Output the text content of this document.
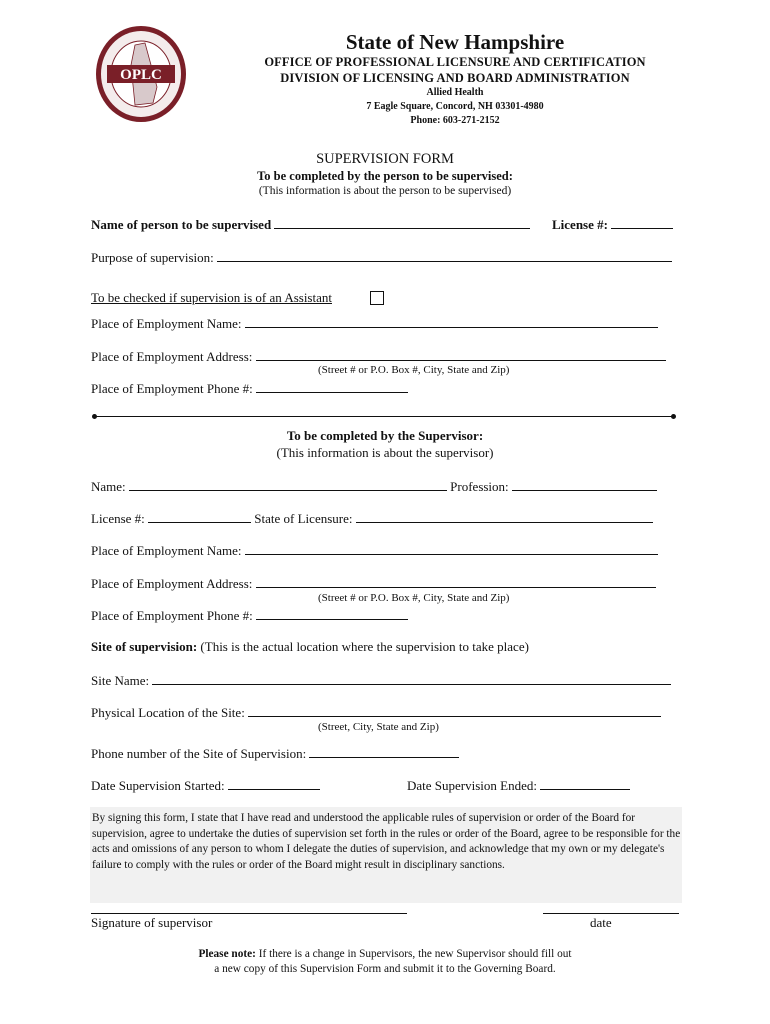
OPLC
State of New Hampshire
OFFICE OF PROFESSIONAL LICENSURE AND CERTIFICATION
DIVISION OF LICENSING AND BOARD ADMINISTRATION
Allied Health
7 Eagle Square, Concord, NH 03301-4980
Phone: 603-271-2152
SUPERVISION FORM
To be completed by the person to be supervised:
(This information is about the person to be supervised)
Name of person to be supervised	License #:
Purpose of supervision:
To be checked if supervision is of an Assistant
Place of Employment Name:
Place of Employment Address:
(Street # or P.O. Box #, City, State and Zip)
Place of Employment Phone #:
To be completed by the Supervisor:
(This information is about the supervisor)
Name:	Profession:
License #:	State of Licensure:
Place of Employment Name:
Place of Employment Address:
(Street # or P.O. Box #, City, State and Zip)
Place of Employment Phone #:
Site of supervision: (This is the actual location where the supervision to take place)
Site Name:
Physical Location of the Site:
(Street, City, State and Zip)
Phone number of the Site of Supervision:
Date Supervision Started:	Date Supervision Ended:
By signing this form, I state that I have read and understood the applicable rules of supervision or order of the Board for supervision, agree to undertake the duties of supervision set forth in the rules or order of the Board, agree to be responsible for the acts and omissions of any person to whom I delegate the duties of supervision, and acknowledge that my own or my delegate's failure to comply with the rules or order of the Board might result in disciplinary sanctions.
Signature of supervisor	date
Please note: If there is a change in Supervisors, the new Supervisor should fill out
a new copy of this Supervision Form and submit it to the Governing Board.
